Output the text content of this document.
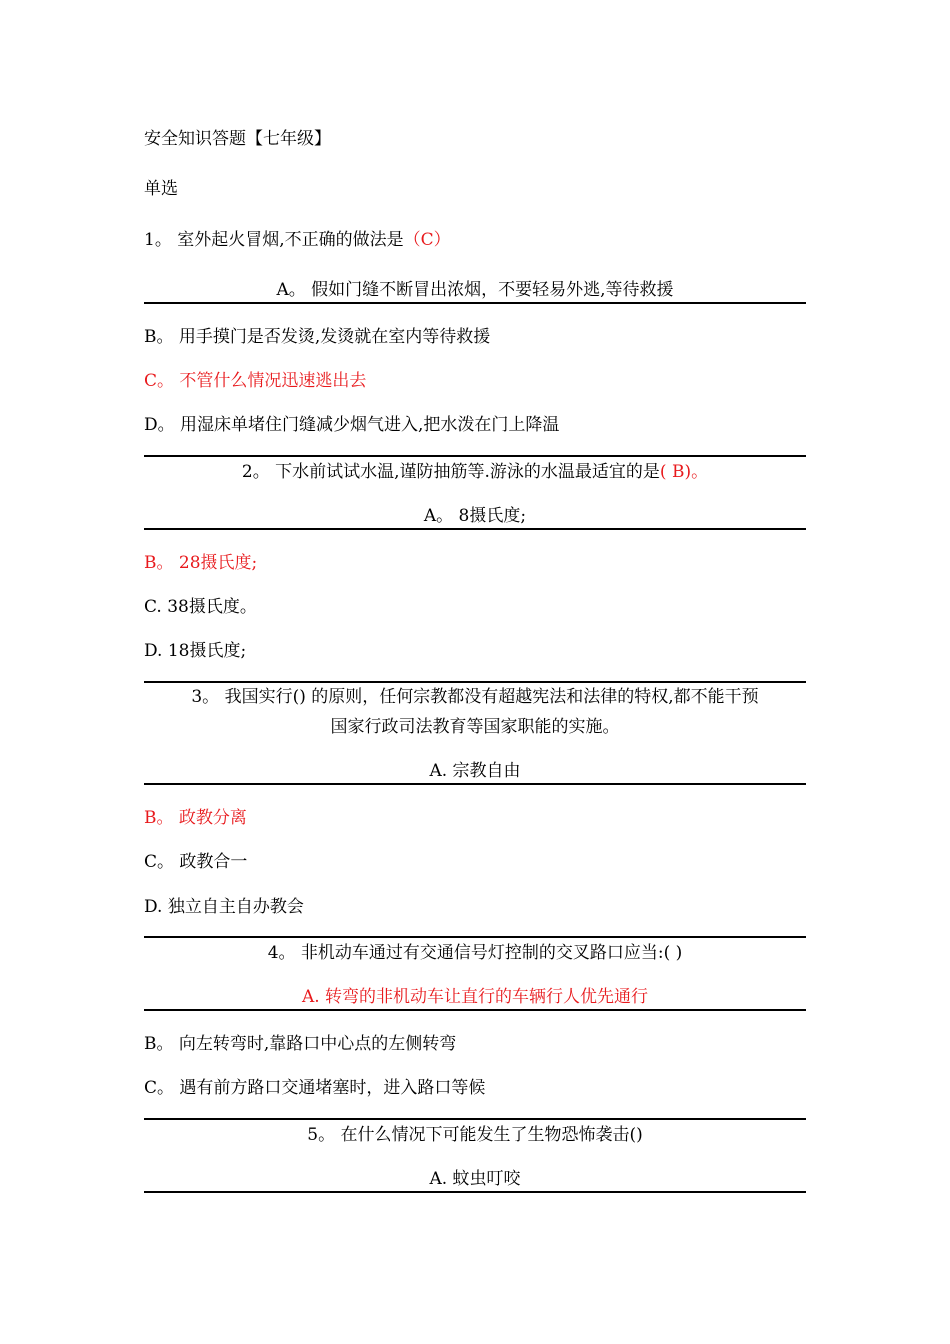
安全知识答题【七年级】
单选
1。 室外起火冒烟,不正确的做法是（C）
A。 假如门缝不断冒出浓烟，不要轻易外逃,等待救援
B。 用手摸门是否发烫,发烫就在室内等待救援
C。 不管什么情况迅速逃出去
D。 用湿床单堵住门缝减少烟气进入,把水泼在门上降温
2。 下水前试试水温,谨防抽筋等.游泳的水温最适宜的是( B)。
A。 8摄氏度;
B。 28摄氏度;
C. 38摄氏度。
D. 18摄氏度;
3。 我国实行() 的原则，任何宗教都没有超越宪法和法律的特权,都不能干预
国家行政司法教育等国家职能的实施。
A. 宗教自由
B。 政教分离
C。 政教合一
D. 独立自主自办教会
4。 非机动车通过有交通信号灯控制的交叉路口应当:( )
A. 转弯的非机动车让直行的车辆行人优先通行
B。 向左转弯时,靠路口中心点的左侧转弯
C。 遇有前方路口交通堵塞时，进入路口等候
5。 在什么情况下可能发生了生物恐怖袭击()
A. 蚊虫叮咬
